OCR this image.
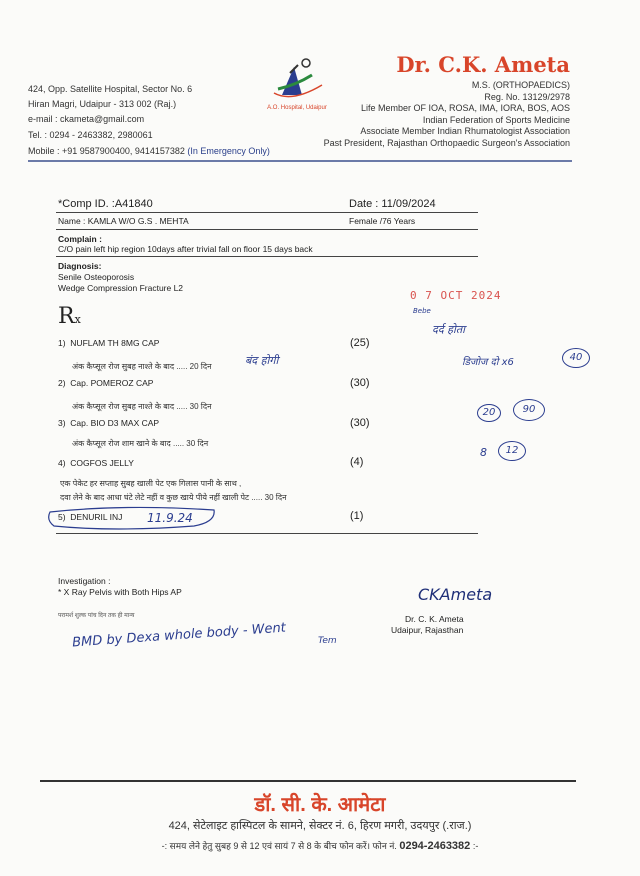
424, Opp. Satellite Hospital, Sector No. 6
Hiran Magri, Udaipur - 313 002 (Raj.)
e-mail : ckameta@gmail.com
Tel. : 0294 - 2463382, 2980061
Mobile : +91 9587900400, 9414157382 (In Emergency Only)
A.O. Hospital, Udaipur
Dr. C.K. Ameta
M.S. (ORTHOPAEDICS)
Reg. No. 13129/2978
Life Member OF IOA, ROSA, IMA, IORA, BOS, AOS
Indian Federation of Sports Medicine
Associate Member Indian Rhumatologist Association
Past President, Rajasthan Orthopaedic Surgeon's Association
*Comp ID. :A41840	Date : 11/09/2024
Name : KAMLA W/O G.S . MEHTA	Female /76 Years
Complain :
C/O pain left hip region 10days after trivial fall on floor 15 days back
Diagnosis:
Senile Osteoporosis
Wedge Compression Fracture L2
0 7 OCT 2024
Rx
1) NUFLAM TH 8MG CAP	(25)
अंक कैप्सूल रोज सुबह नाश्ते के बाद ..... 20 दिन
2) Cap. POMEROZ CAP	(30)
अंक कैप्सूल रोज सुबह नाश्ते के बाद ..... 30 दिन
3) Cap. BIO D3 MAX CAP	(30)
अंक कैप्सूल रोज शाम खाने के बाद ..... 30 दिन
4) COGFOS JELLY	(4)
एक पेकेट हर सप्ताह सुबह खाली पेट एक गिलास पानी के साथ ,
दवा लेने के बाद आधा घंटे लेटे नहीं व कुछ खाये पीये नहीं खाली पेट ..... 30 दिन
5) DENURIL INJ	(1)
11.9.24
बंद होगी
Bebe
दर्द होता
डिजोज दो x6	40
20	90
8	12
Investigation :
* X Ray Pelvis with Both Hips AP
परामर्श शुल्क पांच दिन तक ही मान्य
BMD by Dexa whole body - Went	Tem
CKAmeta
Dr. C. K. Ameta
Udaipur, Rajasthan
डॉ. सी. के. आमेटा
424, सेटेलाइट हास्पिटल के सामने, सेक्टर नं. 6, हिरण मगरी, उदयपुर (.राज.)
-: समय लेने हेतु सुबह 9 से 12 एवं सायं 7 से 8 के बीच फोन करें। फोन नं. 0294-2463382 :-
